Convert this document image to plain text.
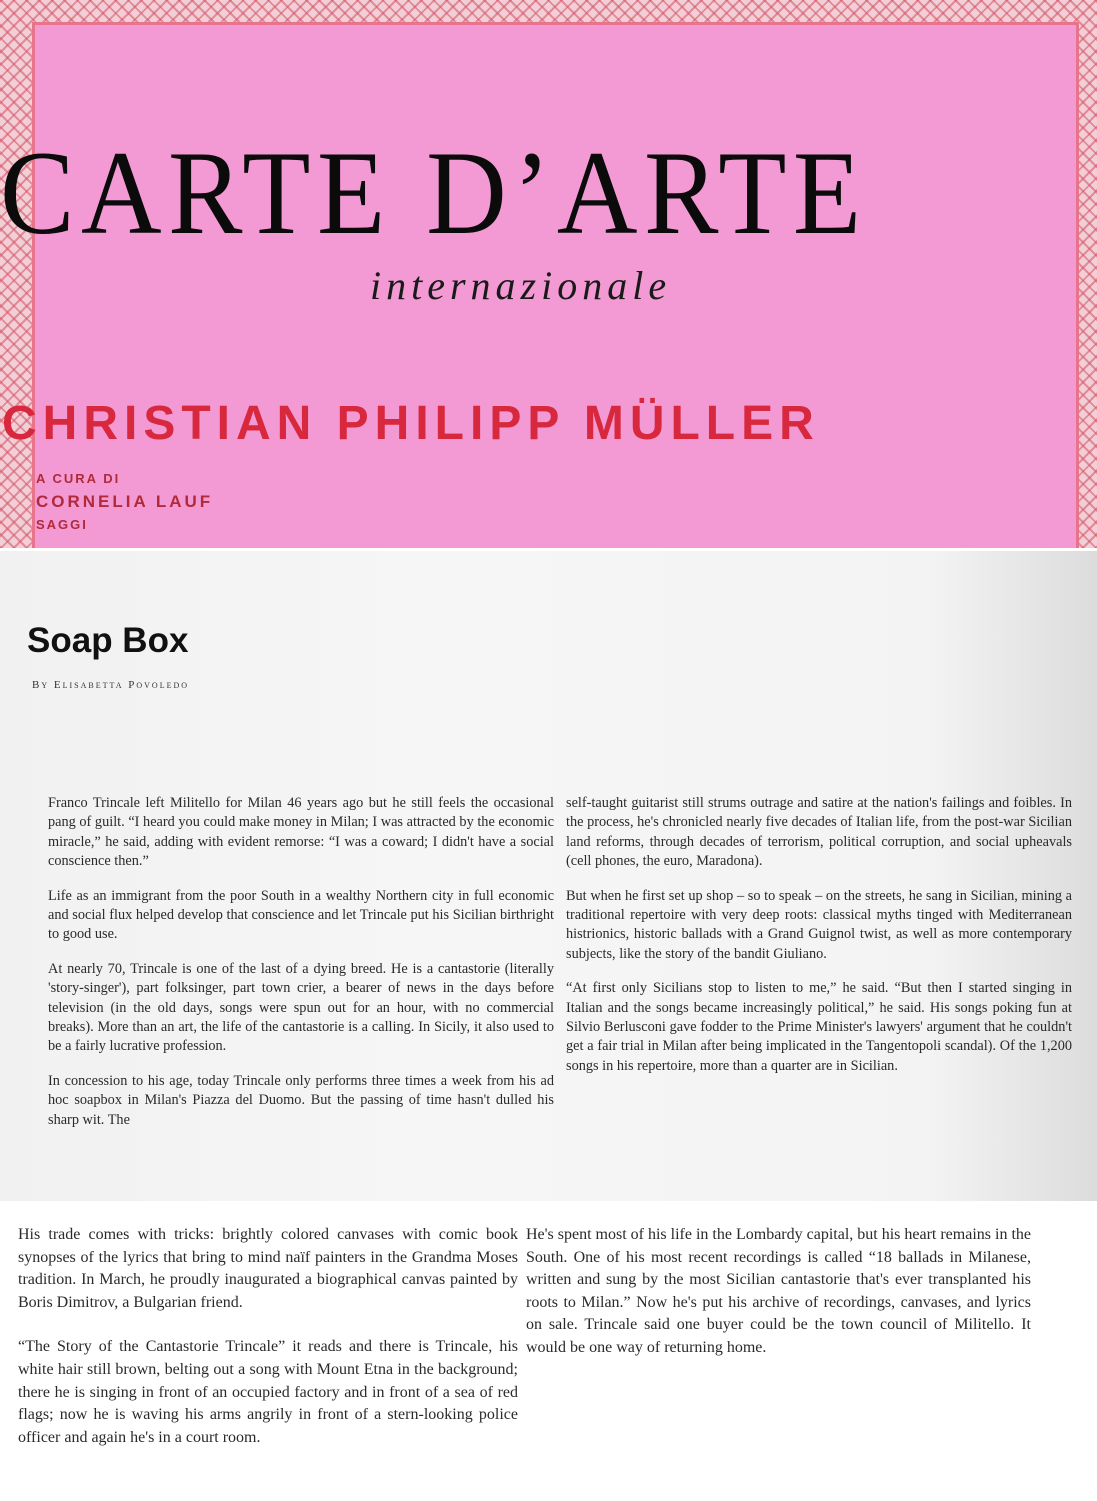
CARTE D’ARTE
internazionale
CHRISTIAN PHILIPP MÜLLER
A CURA DI
CORNELIA LAUF
SAGGI
Soap Box
By Elisabetta Povoledo

Franco Trincale left Militello for Milan 46 years ago but he still feels the occasional pang of guilt. “I heard you could make money in Milan; I was attracted by the economic miracle,” he said, adding with evident remorse: “I was a coward; I didn't have a social conscience then.”

Life as an immigrant from the poor South in a wealthy Northern city in full economic and social flux helped develop that conscience and let Trincale put his Sicilian birthright to good use.

At nearly 70, Trincale is one of the last of a dying breed. He is a cantastorie (literally 'story-singer'), part folksinger, part town crier, a bearer of news in the days before television (in the old days, songs were spun out for an hour, with no commercial breaks). More than an art, the life of the cantastorie is a calling. In Sicily, it also used to be a fairly lucrative profession.

In concession to his age, today Trincale only performs three times a week from his ad hoc soapbox in Milan's Piazza del Duomo. But the passing of time hasn't dulled his sharp wit. The

self-taught guitarist still strums outrage and satire at the nation's failings and foibles. In the process, he's chronicled nearly five decades of Italian life, from the post-war Sicilian land reforms, through decades of terrorism, political corruption, and social upheavals (cell phones, the euro, Maradona).

But when he first set up shop – so to speak – on the streets, he sang in Sicilian, mining a traditional repertoire with very deep roots: classical myths tinged with Mediterranean histrionics, historic ballads with a Grand Guignol twist, as well as more contemporary subjects, like the story of the bandit Giuliano.

“At first only Sicilians stop to listen to me,” he said. “But then I started singing in Italian and the songs became increasingly political,” he said. His songs poking fun at Silvio Berlusconi gave fodder to the Prime Minister's lawyers' argument that he couldn't get a fair trial in Milan after being implicated in the Tangentopoli scandal). Of the 1,200 songs in his repertoire, more than a quarter are in Sicilian.

His trade comes with tricks: brightly colored canvases with comic book synopses of the lyrics that bring to mind naïf painters in the Grandma Moses tradition. In March, he proudly inaugurated a biographical canvas painted by Boris Dimitrov, a Bulgarian friend.

“The Story of the Cantastorie Trincale” it reads and there is Trincale, his white hair still brown, belting out a song with Mount Etna in the background; there he is singing in front of an occupied factory and in front of a sea of red flags; now he is waving his arms angrily in front of a stern-looking police officer and again he's in a court room.

He's spent most of his life in the Lombardy capital, but his heart remains in the South. One of his most recent recordings is called “18 ballads in Milanese, written and sung by the most Sicilian cantastorie that's ever transplanted his roots to Milan.” Now he's put his archive of recordings, canvases, and lyrics on sale. Trincale said one buyer could be the town council of Militello. It would be one way of returning home.
